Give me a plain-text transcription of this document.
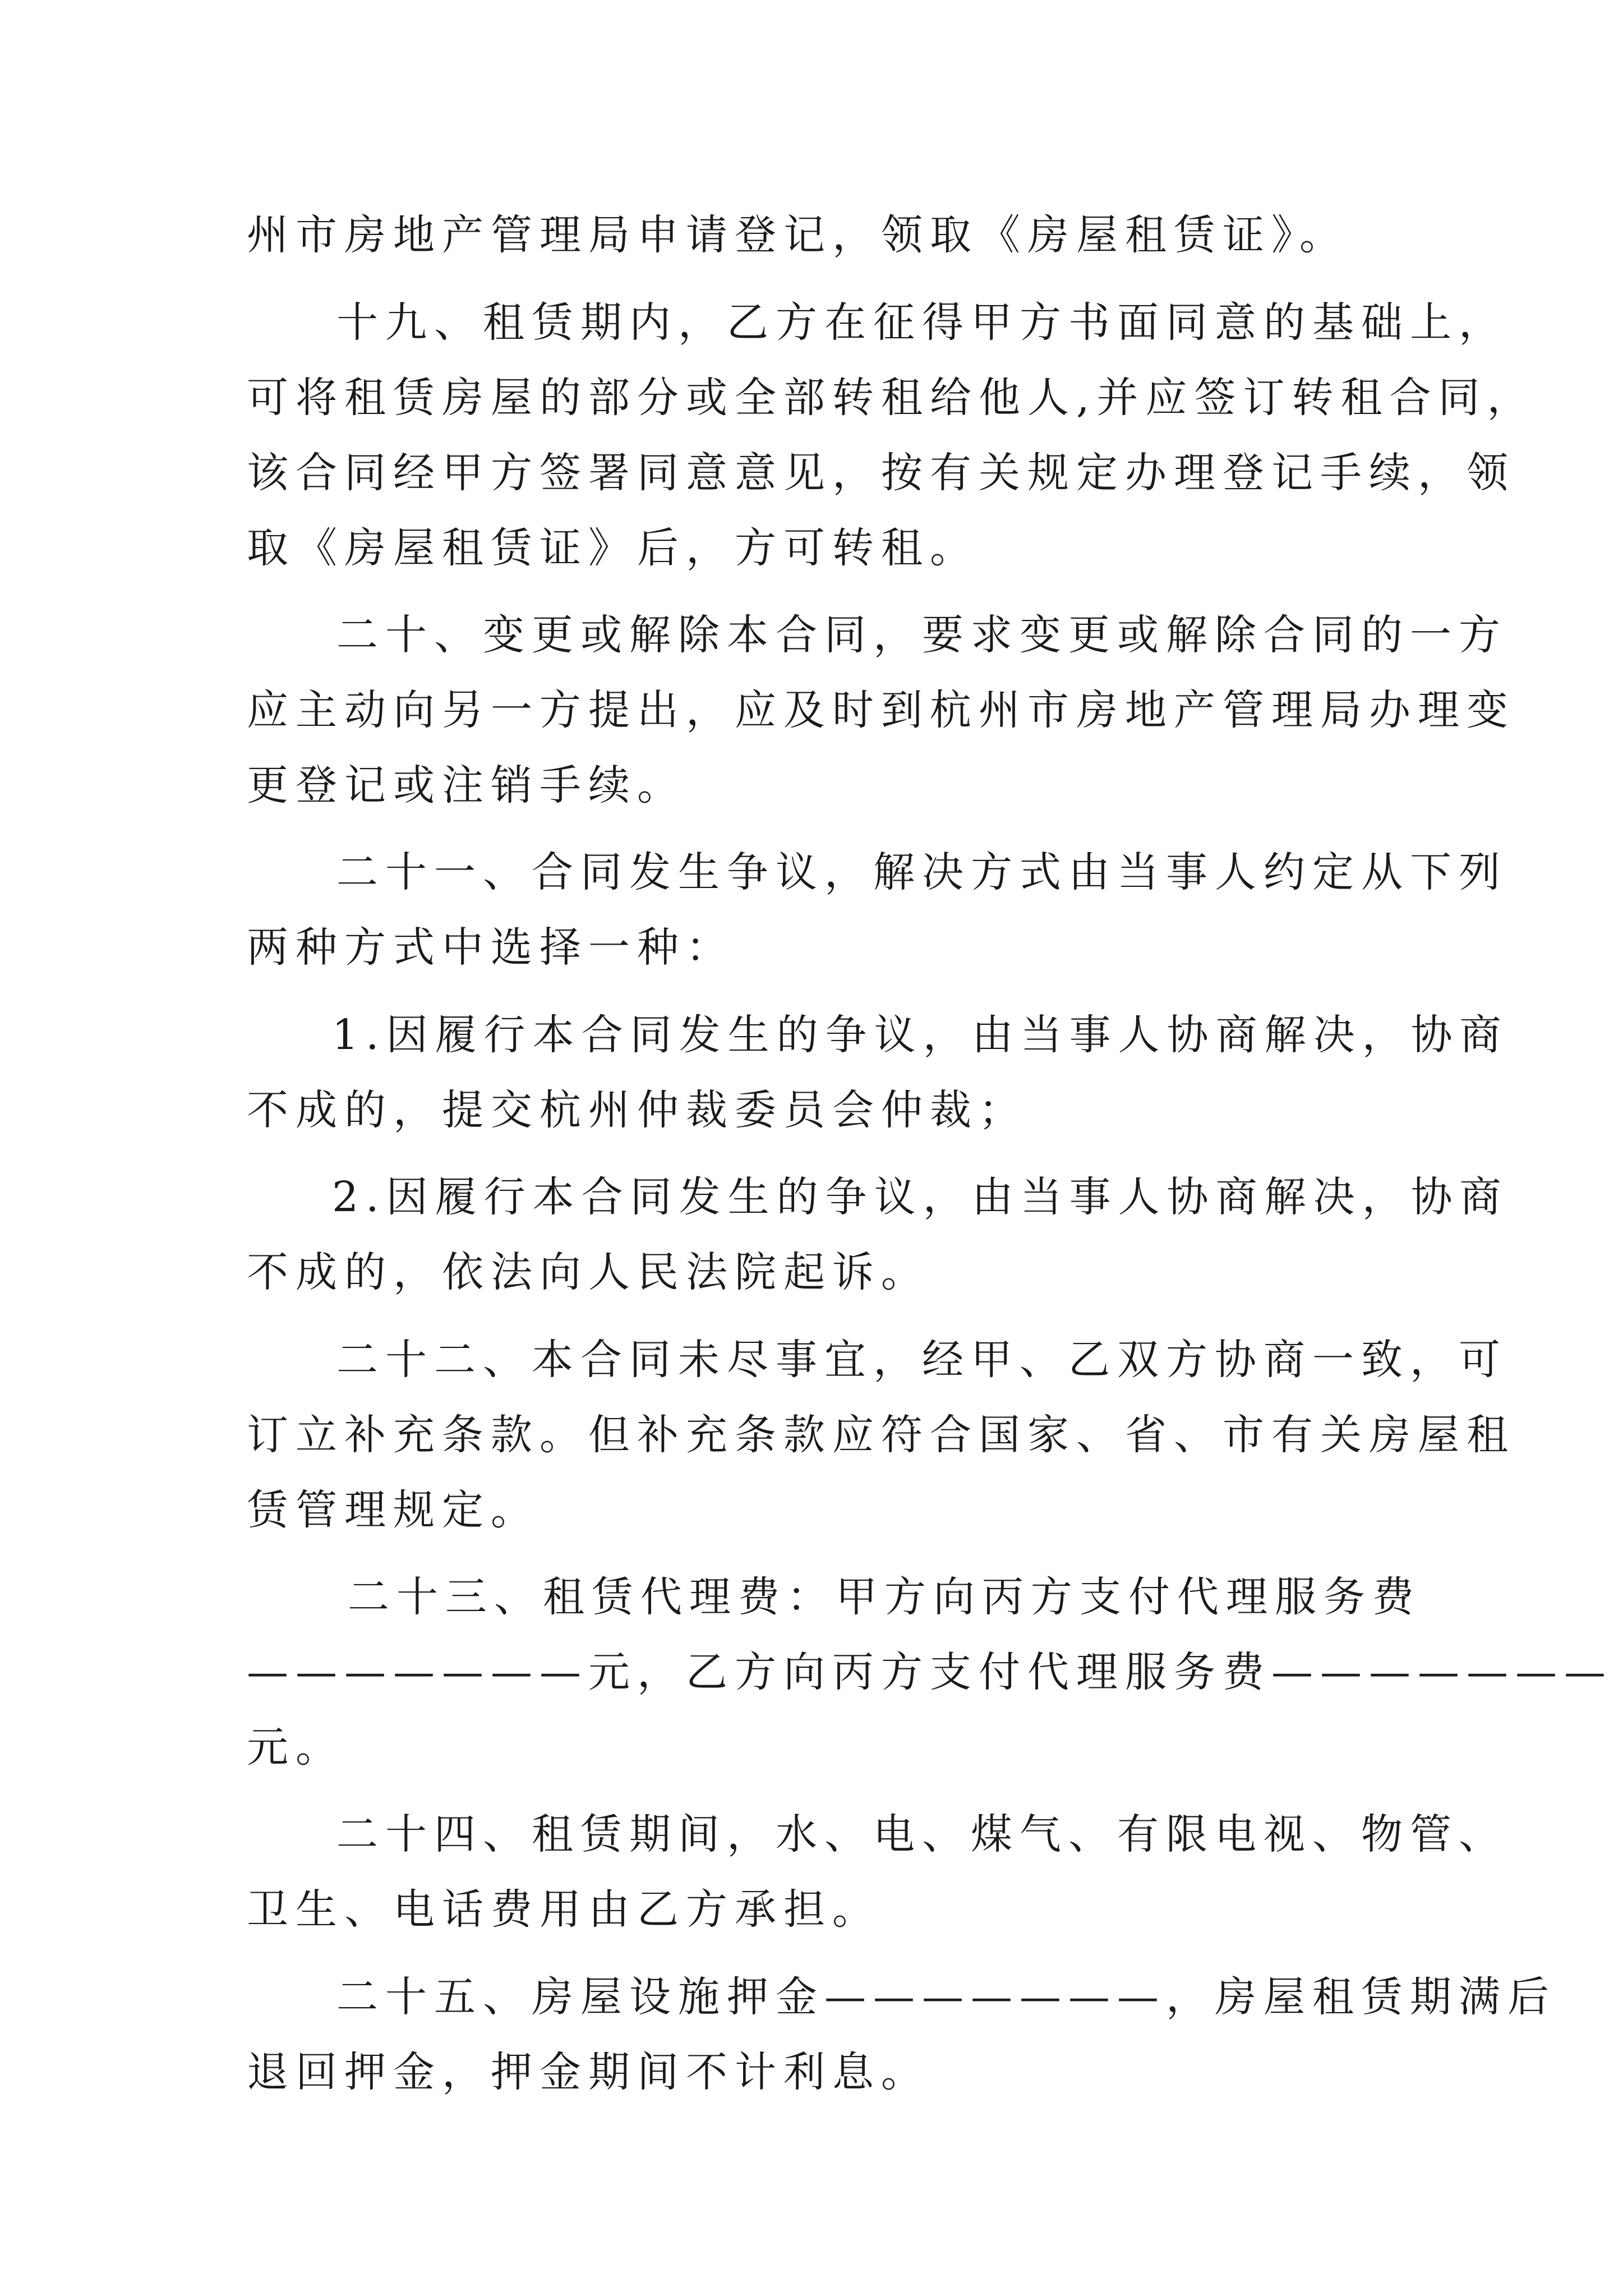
州市房地产管理局申请登记，领取《房屋租赁证》。
十九、租赁期内，乙方在征得甲方书面同意的基础上，
可将租赁房屋的部分或全部转租给他人,并应签订转租合同，
该合同经甲方签署同意意见，按有关规定办理登记手续，领
取《房屋租赁证》后，方可转租。
二十、变更或解除本合同，要求变更或解除合同的一方
应主动向另一方提出，应及时到杭州市房地产管理局办理变
更登记或注销手续。
二十一、合同发生争议，解决方式由当事人约定从下列
两种方式中选择一种：
1.因履行本合同发生的争议，由当事人协商解决，协商
不成的，提交杭州仲裁委员会仲裁；
2.因履行本合同发生的争议，由当事人协商解决，协商
不成的，依法向人民法院起诉。
二十二、本合同未尽事宜，经甲、乙双方协商一致，可
订立补充条款。但补充条款应符合国家、省、市有关房屋租
赁管理规定。
二十三、租赁代理费：甲方向丙方支付代理服务费
———————元，乙方向丙方支付代理服务费———————
元。
二十四、租赁期间，水、电、煤气、有限电视、物管、
卫生、电话费用由乙方承担。
二十五、房屋设施押金———————，房屋租赁期满后
退回押金，押金期间不计利息。
